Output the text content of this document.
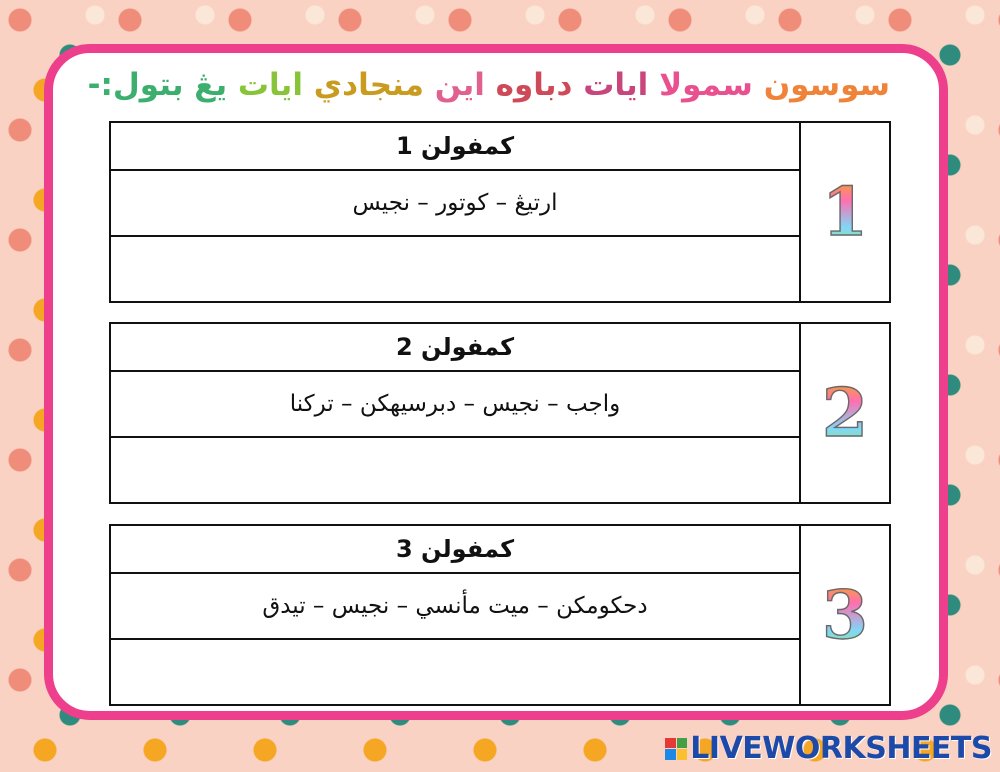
سوسون سمولا ايات دباوه اين منجادي ايات يڠ بتول:-
كمفولن 1
ارتيڠ – كوتور – نجيس	1
كمفولن 2
واجب – نجيس – دبرسيهكن – تركنا	2
كمفولن 3
دحكومكن – ميت مأنسي – نجيس – تيدق	3
LIVEWORKSHEETS
